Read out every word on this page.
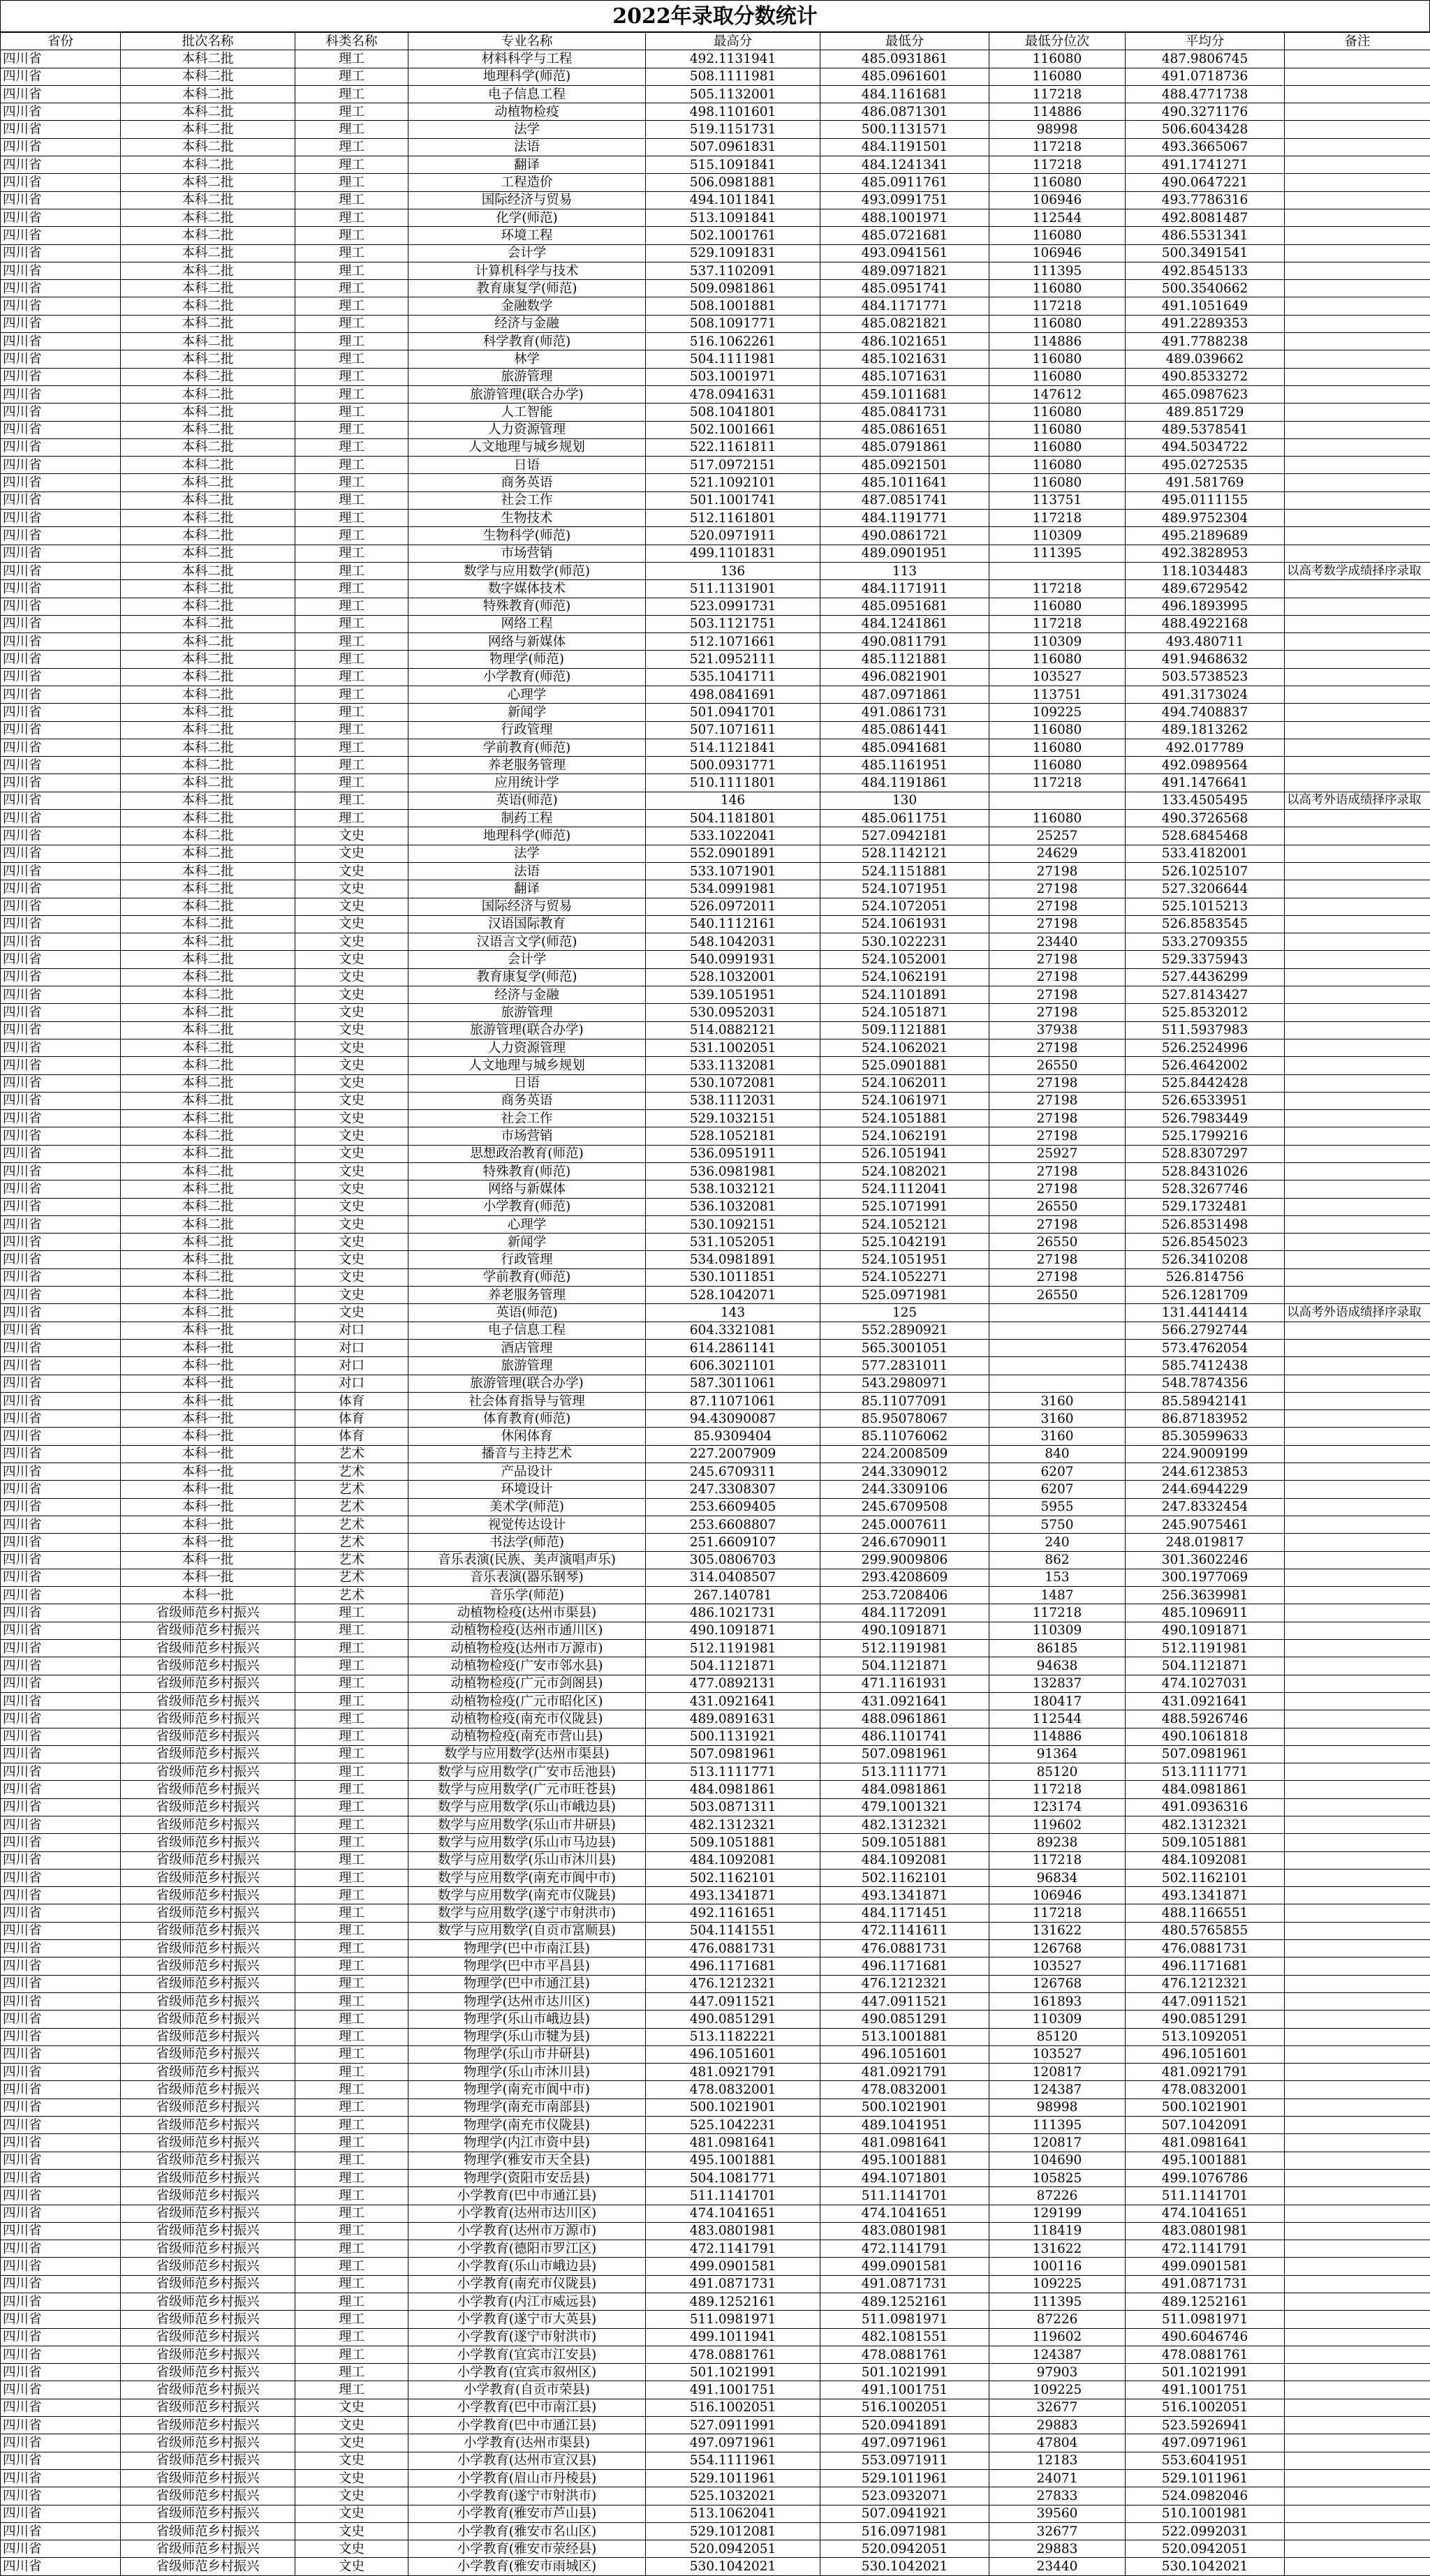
2022年录取分数统计
省份	批次名称	科类名称	专业名称	最高分	最低分	最低分位次	平均分	备注
四川省	本科二批	理工	材料科学与工程	492.1131941	485.0931861	116080	487.9806745	
四川省	本科二批	理工	地理科学(师范)	508.1111981	485.0961601	116080	491.0718736	
四川省	本科二批	理工	电子信息工程	505.1132001	484.1161681	117218	488.4771738	
四川省	本科二批	理工	动植物检疫	498.1101601	486.0871301	114886	490.3271176	
四川省	本科二批	理工	法学	519.1151731	500.1131571	98998	506.6043428	
四川省	本科二批	理工	法语	507.0961831	484.1191501	117218	493.3665067	
四川省	本科二批	理工	翻译	515.1091841	484.1241341	117218	491.1741271	
四川省	本科二批	理工	工程造价	506.0981881	485.0911761	116080	490.0647221	
四川省	本科二批	理工	国际经济与贸易	494.1011841	493.0991751	106946	493.7786316	
四川省	本科二批	理工	化学(师范)	513.1091841	488.1001971	112544	492.8081487	
四川省	本科二批	理工	环境工程	502.1001761	485.0721681	116080	486.5531341	
四川省	本科二批	理工	会计学	529.1091831	493.0941561	106946	500.3491541	
四川省	本科二批	理工	计算机科学与技术	537.1102091	489.0971821	111395	492.8545133	
四川省	本科二批	理工	教育康复学(师范)	509.0981861	485.0951741	116080	500.3540662	
四川省	本科二批	理工	金融数学	508.1001881	484.1171771	117218	491.1051649	
四川省	本科二批	理工	经济与金融	508.1091771	485.0821821	116080	491.2289353	
四川省	本科二批	理工	科学教育(师范)	516.1062261	486.1021651	114886	491.7788238	
四川省	本科二批	理工	林学	504.1111981	485.1021631	116080	489.039662	
四川省	本科二批	理工	旅游管理	503.1001971	485.1071631	116080	490.8533272	
四川省	本科二批	理工	旅游管理(联合办学)	478.0941631	459.1011681	147612	465.0987623	
四川省	本科二批	理工	人工智能	508.1041801	485.0841731	116080	489.851729	
四川省	本科二批	理工	人力资源管理	502.1001661	485.0861651	116080	489.5378541	
四川省	本科二批	理工	人文地理与城乡规划	522.1161811	485.0791861	116080	494.5034722	
四川省	本科二批	理工	日语	517.0972151	485.0921501	116080	495.0272535	
四川省	本科二批	理工	商务英语	521.1092101	485.1011641	116080	491.581769	
四川省	本科二批	理工	社会工作	501.1001741	487.0851741	113751	495.0111155	
四川省	本科二批	理工	生物技术	512.1161801	484.1191771	117218	489.9752304	
四川省	本科二批	理工	生物科学(师范)	520.0971911	490.0861721	110309	495.2189689	
四川省	本科二批	理工	市场营销	499.1101831	489.0901951	111395	492.3828953	
四川省	本科二批	理工	数学与应用数学(师范)	136	113		118.1034483	以高考数学成绩择序录取
四川省	本科二批	理工	数字媒体技术	511.1131901	484.1171911	117218	489.6729542	
四川省	本科二批	理工	特殊教育(师范)	523.0991731	485.0951681	116080	496.1893995	
四川省	本科二批	理工	网络工程	503.1121751	484.1241861	117218	488.4922168	
四川省	本科二批	理工	网络与新媒体	512.1071661	490.0811791	110309	493.480711	
四川省	本科二批	理工	物理学(师范)	521.0952111	485.1121881	116080	491.9468632	
四川省	本科二批	理工	小学教育(师范)	535.1041711	496.0821901	103527	503.5738523	
四川省	本科二批	理工	心理学	498.0841691	487.0971861	113751	491.3173024	
四川省	本科二批	理工	新闻学	501.0941701	491.0861731	109225	494.7408837	
四川省	本科二批	理工	行政管理	507.1071611	485.0861441	116080	489.1813262	
四川省	本科二批	理工	学前教育(师范)	514.1121841	485.0941681	116080	492.017789	
四川省	本科二批	理工	养老服务管理	500.0931771	485.1161951	116080	492.0989564	
四川省	本科二批	理工	应用统计学	510.1111801	484.1191861	117218	491.1476641	
四川省	本科二批	理工	英语(师范)	146	130		133.4505495	以高考外语成绩择序录取
四川省	本科二批	理工	制药工程	504.1181801	485.0611751	116080	490.3726568	
四川省	本科二批	文史	地理科学(师范)	533.1022041	527.0942181	25257	528.6845468	
四川省	本科二批	文史	法学	552.0901891	528.1142121	24629	533.4182001	
四川省	本科二批	文史	法语	533.1071901	524.1151881	27198	526.1025107	
四川省	本科二批	文史	翻译	534.0991981	524.1071951	27198	527.3206644	
四川省	本科二批	文史	国际经济与贸易	526.0972011	524.1072051	27198	525.1015213	
四川省	本科二批	文史	汉语国际教育	540.1112161	524.1061931	27198	526.8583545	
四川省	本科二批	文史	汉语言文学(师范)	548.1042031	530.1022231	23440	533.2709355	
四川省	本科二批	文史	会计学	540.0991931	524.1052001	27198	529.3375943	
四川省	本科二批	文史	教育康复学(师范)	528.1032001	524.1062191	27198	527.4436299	
四川省	本科二批	文史	经济与金融	539.1051951	524.1101891	27198	527.8143427	
四川省	本科二批	文史	旅游管理	530.0952031	524.1051871	27198	525.8532012	
四川省	本科二批	文史	旅游管理(联合办学)	514.0882121	509.1121881	37938	511.5937983	
四川省	本科二批	文史	人力资源管理	531.1002051	524.1062021	27198	526.2524996	
四川省	本科二批	文史	人文地理与城乡规划	533.1132081	525.0901881	26550	526.4642002	
四川省	本科二批	文史	日语	530.1072081	524.1062011	27198	525.8442428	
四川省	本科二批	文史	商务英语	538.1112031	524.1061971	27198	526.6533951	
四川省	本科二批	文史	社会工作	529.1032151	524.1051881	27198	526.7983449	
四川省	本科二批	文史	市场营销	528.1052181	524.1062191	27198	525.1799216	
四川省	本科二批	文史	思想政治教育(师范)	536.0951911	526.1051941	25927	528.8307297	
四川省	本科二批	文史	特殊教育(师范)	536.0981981	524.1082021	27198	528.8431026	
四川省	本科二批	文史	网络与新媒体	538.1032121	524.1112041	27198	528.3267746	
四川省	本科二批	文史	小学教育(师范)	536.1032081	525.1071991	26550	529.1732481	
四川省	本科二批	文史	心理学	530.1092151	524.1052121	27198	526.8531498	
四川省	本科二批	文史	新闻学	531.1052051	525.1042191	26550	526.8545023	
四川省	本科二批	文史	行政管理	534.0981891	524.1051951	27198	526.3410208	
四川省	本科二批	文史	学前教育(师范)	530.1011851	524.1052271	27198	526.814756	
四川省	本科二批	文史	养老服务管理	528.1042071	525.0971981	26550	526.1281709	
四川省	本科二批	文史	英语(师范)	143	125		131.4414414	以高考外语成绩择序录取
四川省	本科一批	对口	电子信息工程	604.3321081	552.2890921		566.2792744	
四川省	本科一批	对口	酒店管理	614.2861141	565.3001051		573.4762054	
四川省	本科一批	对口	旅游管理	606.3021101	577.2831011		585.7412438	
四川省	本科一批	对口	旅游管理(联合办学)	587.3011061	543.2980971		548.7874356	
四川省	本科一批	体育	社会体育指导与管理	87.11071061	85.11077091	3160	85.58942141	
四川省	本科一批	体育	体育教育(师范)	94.43090087	85.95078067	3160	86.87183952	
四川省	本科一批	体育	休闲体育	85.9309404	85.11076062	3160	85.30599633	
四川省	本科一批	艺术	播音与主持艺术	227.2007909	224.2008509	840	224.9009199	
四川省	本科一批	艺术	产品设计	245.6709311	244.3309012	6207	244.6123853	
四川省	本科一批	艺术	环境设计	247.3308307	244.3309106	6207	244.6944229	
四川省	本科一批	艺术	美术学(师范)	253.6609405	245.6709508	5955	247.8332454	
四川省	本科一批	艺术	视觉传达设计	253.6608807	245.0007611	5750	245.9075461	
四川省	本科一批	艺术	书法学(师范)	251.6609107	246.6709011	240	248.019817	
四川省	本科一批	艺术	音乐表演(民族、美声演唱声乐)	305.0806703	299.9009806	862	301.3602246	
四川省	本科一批	艺术	音乐表演(器乐钢琴)	314.0408507	293.4208609	153	300.1977069	
四川省	本科一批	艺术	音乐学(师范)	267.140781	253.7208406	1487	256.3639981	
四川省	省级师范乡村振兴	理工	动植物检疫(达州市渠县)	486.1021731	484.1172091	117218	485.1096911	
四川省	省级师范乡村振兴	理工	动植物检疫(达州市通川区)	490.1091871	490.1091871	110309	490.1091871	
四川省	省级师范乡村振兴	理工	动植物检疫(达州市万源市)	512.1191981	512.1191981	86185	512.1191981	
四川省	省级师范乡村振兴	理工	动植物检疫(广安市邻水县)	504.1121871	504.1121871	94638	504.1121871	
四川省	省级师范乡村振兴	理工	动植物检疫(广元市剑阁县)	477.0892131	471.1161931	132837	474.1027031	
四川省	省级师范乡村振兴	理工	动植物检疫(广元市昭化区)	431.0921641	431.0921641	180417	431.0921641	
四川省	省级师范乡村振兴	理工	动植物检疫(南充市仪陇县)	489.0891631	488.0961861	112544	488.5926746	
四川省	省级师范乡村振兴	理工	动植物检疫(南充市营山县)	500.1131921	486.1101741	114886	490.1061818	
四川省	省级师范乡村振兴	理工	数学与应用数学(达州市渠县)	507.0981961	507.0981961	91364	507.0981961	
四川省	省级师范乡村振兴	理工	数学与应用数学(广安市岳池县)	513.1111771	513.1111771	85120	513.1111771	
四川省	省级师范乡村振兴	理工	数学与应用数学(广元市旺苍县)	484.0981861	484.0981861	117218	484.0981861	
四川省	省级师范乡村振兴	理工	数学与应用数学(乐山市峨边县)	503.0871311	479.1001321	123174	491.0936316	
四川省	省级师范乡村振兴	理工	数学与应用数学(乐山市井研县)	482.1312321	482.1312321	119602	482.1312321	
四川省	省级师范乡村振兴	理工	数学与应用数学(乐山市马边县)	509.1051881	509.1051881	89238	509.1051881	
四川省	省级师范乡村振兴	理工	数学与应用数学(乐山市沐川县)	484.1092081	484.1092081	117218	484.1092081	
四川省	省级师范乡村振兴	理工	数学与应用数学(南充市阆中市)	502.1162101	502.1162101	96834	502.1162101	
四川省	省级师范乡村振兴	理工	数学与应用数学(南充市仪陇县)	493.1341871	493.1341871	106946	493.1341871	
四川省	省级师范乡村振兴	理工	数学与应用数学(遂宁市射洪市)	492.1161651	484.1171451	117218	488.1166551	
四川省	省级师范乡村振兴	理工	数学与应用数学(自贡市富顺县)	504.1141551	472.1141611	131622	480.5765855	
四川省	省级师范乡村振兴	理工	物理学(巴中市南江县)	476.0881731	476.0881731	126768	476.0881731	
四川省	省级师范乡村振兴	理工	物理学(巴中市平昌县)	496.1171681	496.1171681	103527	496.1171681	
四川省	省级师范乡村振兴	理工	物理学(巴中市通江县)	476.1212321	476.1212321	126768	476.1212321	
四川省	省级师范乡村振兴	理工	物理学(达州市达川区)	447.0911521	447.0911521	161893	447.0911521	
四川省	省级师范乡村振兴	理工	物理学(乐山市峨边县)	490.0851291	490.0851291	110309	490.0851291	
四川省	省级师范乡村振兴	理工	物理学(乐山市犍为县)	513.1182221	513.1001881	85120	513.1092051	
四川省	省级师范乡村振兴	理工	物理学(乐山市井研县)	496.1051601	496.1051601	103527	496.1051601	
四川省	省级师范乡村振兴	理工	物理学(乐山市沐川县)	481.0921791	481.0921791	120817	481.0921791	
四川省	省级师范乡村振兴	理工	物理学(南充市阆中市)	478.0832001	478.0832001	124387	478.0832001	
四川省	省级师范乡村振兴	理工	物理学(南充市南部县)	500.1021901	500.1021901	98998	500.1021901	
四川省	省级师范乡村振兴	理工	物理学(南充市仪陇县)	525.1042231	489.1041951	111395	507.1042091	
四川省	省级师范乡村振兴	理工	物理学(内江市资中县)	481.0981641	481.0981641	120817	481.0981641	
四川省	省级师范乡村振兴	理工	物理学(雅安市天全县)	495.1001881	495.1001881	104690	495.1001881	
四川省	省级师范乡村振兴	理工	物理学(资阳市安岳县)	504.1081771	494.1071801	105825	499.1076786	
四川省	省级师范乡村振兴	理工	小学教育(巴中市通江县)	511.1141701	511.1141701	87226	511.1141701	
四川省	省级师范乡村振兴	理工	小学教育(达州市达川区)	474.1041651	474.1041651	129199	474.1041651	
四川省	省级师范乡村振兴	理工	小学教育(达州市万源市)	483.0801981	483.0801981	118419	483.0801981	
四川省	省级师范乡村振兴	理工	小学教育(德阳市罗江区)	472.1141791	472.1141791	131622	472.1141791	
四川省	省级师范乡村振兴	理工	小学教育(乐山市峨边县)	499.0901581	499.0901581	100116	499.0901581	
四川省	省级师范乡村振兴	理工	小学教育(南充市仪陇县)	491.0871731	491.0871731	109225	491.0871731	
四川省	省级师范乡村振兴	理工	小学教育(内江市威远县)	489.1252161	489.1252161	111395	489.1252161	
四川省	省级师范乡村振兴	理工	小学教育(遂宁市大英县)	511.0981971	511.0981971	87226	511.0981971	
四川省	省级师范乡村振兴	理工	小学教育(遂宁市射洪市)	499.1011941	482.1081551	119602	490.6046746	
四川省	省级师范乡村振兴	理工	小学教育(宜宾市江安县)	478.0881761	478.0881761	124387	478.0881761	
四川省	省级师范乡村振兴	理工	小学教育(宜宾市叙州区)	501.1021991	501.1021991	97903	501.1021991	
四川省	省级师范乡村振兴	理工	小学教育(自贡市荣县)	491.1001751	491.1001751	109225	491.1001751	
四川省	省级师范乡村振兴	文史	小学教育(巴中市南江县)	516.1002051	516.1002051	32677	516.1002051	
四川省	省级师范乡村振兴	文史	小学教育(巴中市通江县)	527.0911991	520.0941891	29883	523.5926941	
四川省	省级师范乡村振兴	文史	小学教育(达州市渠县)	497.0971961	497.0971961	47804	497.0971961	
四川省	省级师范乡村振兴	文史	小学教育(达州市宣汉县)	554.1111961	553.0971911	12183	553.6041951	
四川省	省级师范乡村振兴	文史	小学教育(眉山市丹棱县)	529.1011961	529.1011961	24071	529.1011961	
四川省	省级师范乡村振兴	文史	小学教育(遂宁市射洪市)	525.1032021	523.0932071	27833	524.0982046	
四川省	省级师范乡村振兴	文史	小学教育(雅安市芦山县)	513.1062041	507.0941921	39560	510.1001981	
四川省	省级师范乡村振兴	文史	小学教育(雅安市名山区)	529.1012081	516.0971981	32677	522.0992031	
四川省	省级师范乡村振兴	文史	小学教育(雅安市荥经县)	520.0942051	520.0942051	29883	520.0942051	
四川省	省级师范乡村振兴	文史	小学教育(雅安市雨城区)	530.1042021	530.1042021	23440	530.1042021	
